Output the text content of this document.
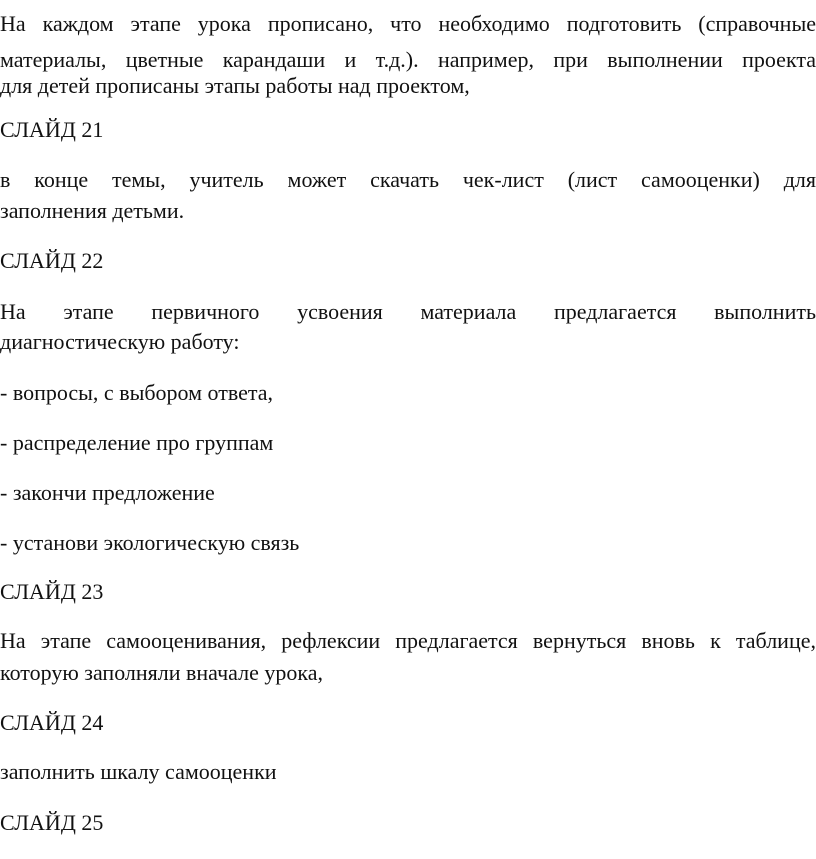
На каждом этапе урока прописано, что необходимо подготовить (справочные
материалы, цветные карандаши и т.д.). например, при выполнении проекта
для детей прописаны этапы работы над проектом,
СЛАЙД 21
в конце темы, учитель может скачать чек-лист (лист самооценки) для
заполнения детьми.
СЛАЙД 22
На этапе первичного усвоения материала предлагается выполнить
диагностическую работу:
- вопросы, с выбором ответа,
- распределение про группам
- закончи предложение
- установи экологическую связь
СЛАЙД 23
На этапе самооценивания, рефлексии предлагается вернуться вновь к таблице,
которую заполняли вначале урока,
СЛАЙД 24
заполнить шкалу самооценки
СЛАЙД 25
